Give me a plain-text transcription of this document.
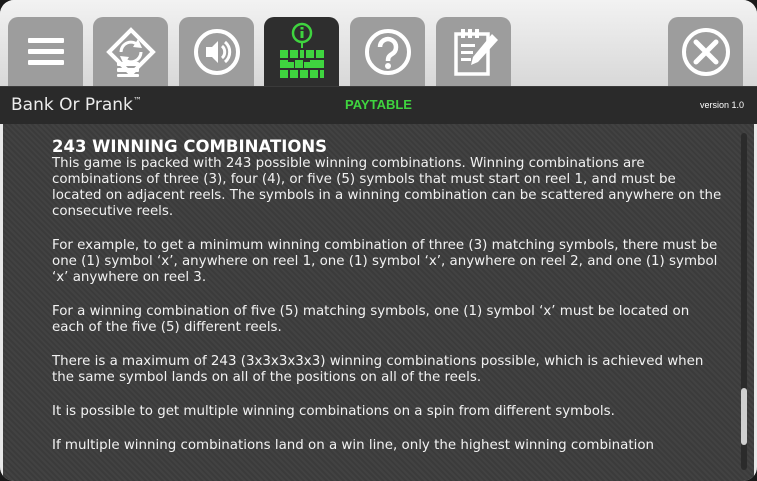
Bank Or Prank™	PAYTABLE	version 1.0
243 WINNING COMBINATIONS

This game is packed with 243 possible winning combinations. Winning combinations are combinations of three (3), four (4), or five (5) symbols that must start on reel 1, and must be located on adjacent reels. The symbols in a winning combination can be scattered anywhere on the consecutive reels.

For example, to get a minimum winning combination of three (3) matching symbols, there must be one (1) symbol ‘x’, anywhere on reel 1, one (1) symbol ‘x’, anywhere on reel 2, and one (1) symbol ‘x’ anywhere on reel 3.

For a winning combination of five (5) matching symbols, one (1) symbol ‘x’ must be located on each of the five (5) different reels.

There is a maximum of 243 (3x3x3x3x3) winning combinations possible, which is achieved when the same symbol lands on all of the positions on all of the reels.

It is possible to get multiple winning combinations on a spin from different symbols.

If multiple winning combinations land on a win line, only the highest winning combination
